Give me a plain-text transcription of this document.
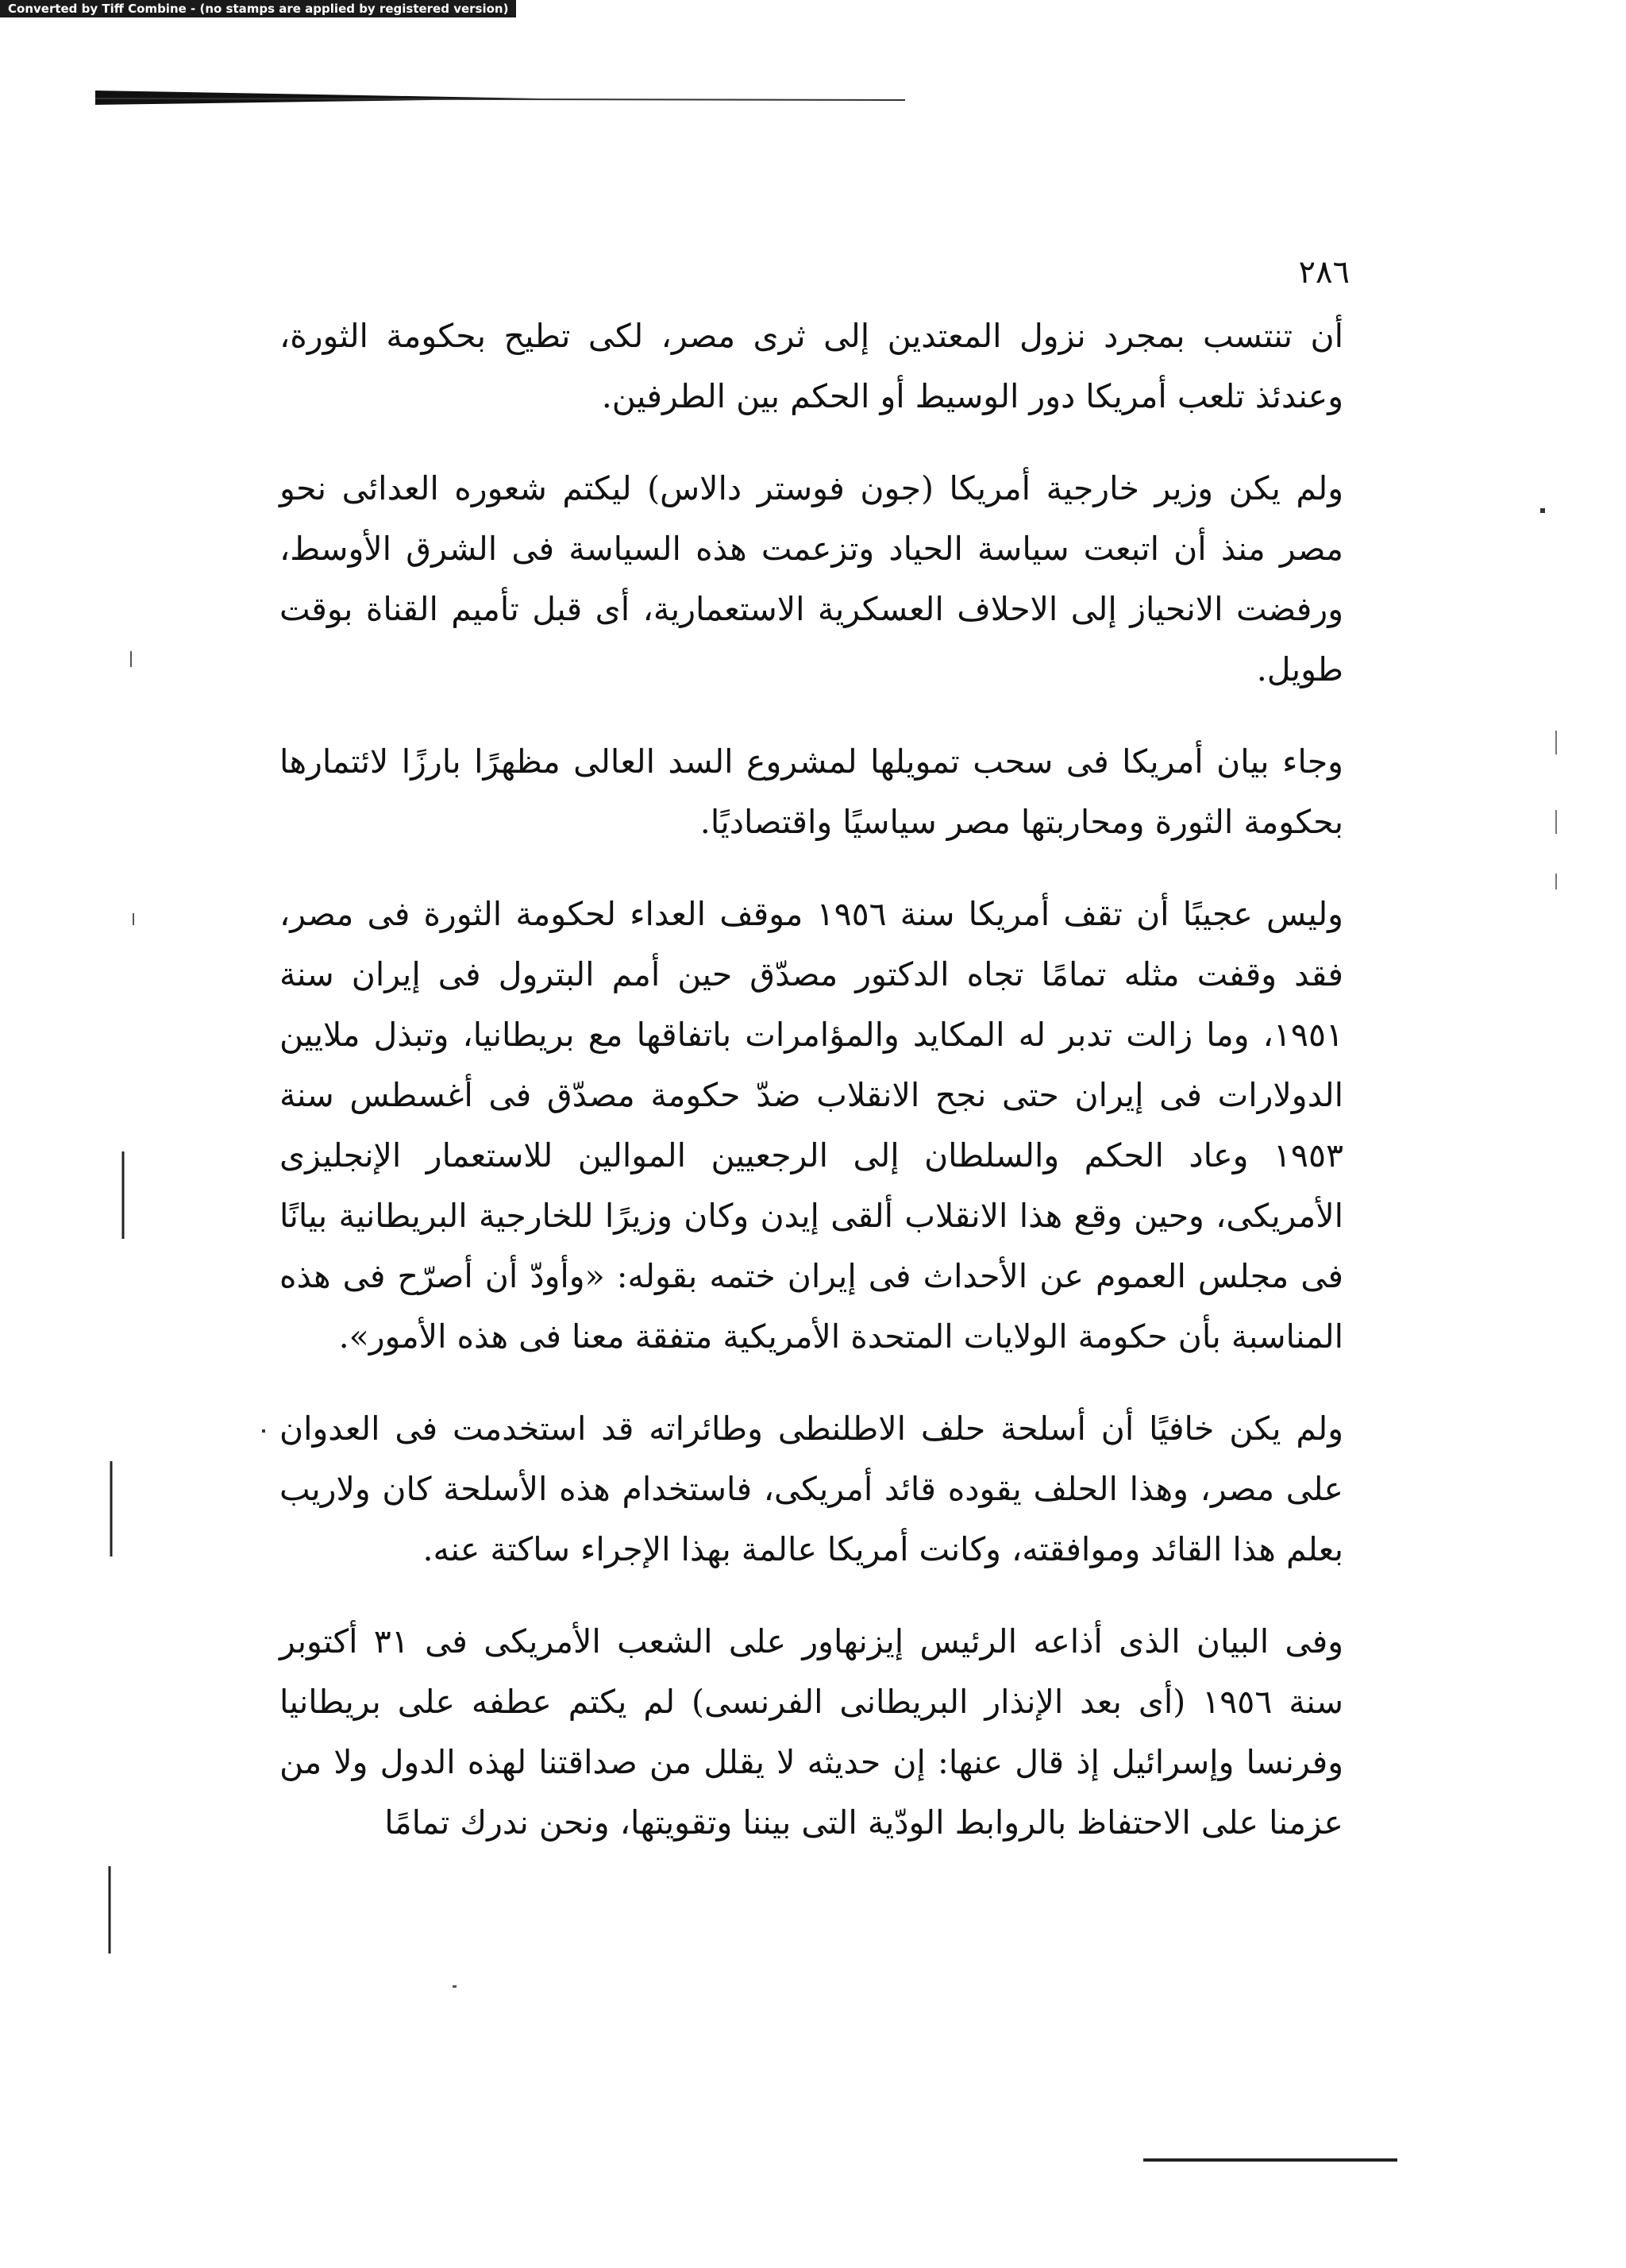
Converted by Tiff Combine - (no stamps are applied by registered version)
٢٨٦

أن تنتسب بمجرد نزول المعتدين إلى ثرى مصر، لكى تطيح بحكومة الثورة، وعندئذ تلعب أمريكا دور الوسيط أو الحكم بين الطرفين.

ولم يكن وزير خارجية أمريكا (جون فوستر دالاس) ليكتم شعوره العدائى نحو مصر منذ أن اتبعت سياسة الحياد وتزعمت هذه السياسة فى الشرق الأوسط، ورفضت الانحياز إلى الاحلاف العسكرية الاستعمارية، أى قبل تأميم القناة بوقت طويل.

وجاء بيان أمريكا فى سحب تمويلها لمشروع السد العالى مظهرًا بارزًا لائتمارها بحكومة الثورة ومحاربتها مصر سياسيًا واقتصاديًا.

وليس عجيبًا أن تقف أمريكا سنة ١٩٥٦ موقف العداء لحكومة الثورة فى مصر، فقد وقفت مثله تمامًا تجاه الدكتور مصدّق حين أمم البترول فى إيران سنة ١٩٥١، وما زالت تدبر له المكايد والمؤامرات باتفاقها مع بريطانيا، وتبذل ملايين الدولارات فى إيران حتى نجح الانقلاب ضدّ حكومة مصدّق فى أغسطس سنة ١٩٥٣ وعاد الحكم والسلطان إلى الرجعيين الموالين للاستعمار الإنجليزى الأمريكى، وحين وقع هذا الانقلاب ألقى إيدن وكان وزيرًا للخارجية البريطانية بيانًا فى مجلس العموم عن الأحداث فى إيران ختمه بقوله: «وأودّ أن أصرّح فى هذه المناسبة بأن حكومة الولايات المتحدة الأمريكية متفقة معنا فى هذه الأمور».

ولم يكن خافيًا أن أسلحة حلف الاطلنطى وطائراته قد استخدمت فى العدوان على مصر، وهذا الحلف يقوده قائد أمريكى، فاستخدام هذه الأسلحة كان ولاريب بعلم هذا القائد وموافقته، وكانت أمريكا عالمة بهذا الإجراء ساكتة عنه.

وفى البيان الذى أذاعه الرئيس إيزنهاور على الشعب الأمريكى فى ٣١ أكتوبر سنة ١٩٥٦ (أى بعد الإنذار البريطانى الفرنسى) لم يكتم عطفه على بريطانيا وفرنسا وإسرائيل إذ قال عنها: إن حديثه لا يقلل من صداقتنا لهذه الدول ولا من عزمنا على الاحتفاظ بالروابط الودّية التى بيننا وتقويتها، ونحن ندرك تمامًا
